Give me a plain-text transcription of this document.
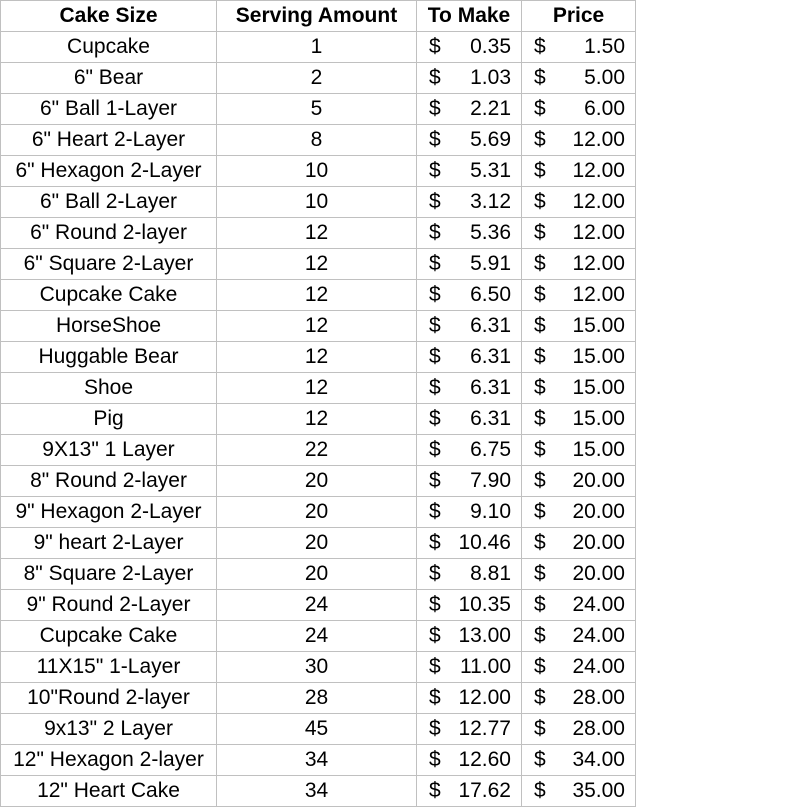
Cake Size	Serving Amount	To Make	Price
Cupcake	1	$ 0.35	$ 1.50

6" Bear	2	$ 1.03	$ 5.00

6" Ball 1-Layer	5	$ 2.21	$ 6.00

6" Heart 2-Layer	8	$ 5.69	$ 12.00

6" Hexagon 2-Layer	10	$ 5.31	$ 12.00

6" Ball 2-Layer	10	$ 3.12	$ 12.00

6" Round 2-layer	12	$ 5.36	$ 12.00

6" Square 2-Layer	12	$ 5.91	$ 12.00

Cupcake Cake	12	$ 6.50	$ 12.00

HorseShoe	12	$ 6.31	$ 15.00

Huggable Bear	12	$ 6.31	$ 15.00

Shoe	12	$ 6.31	$ 15.00

Pig	12	$ 6.31	$ 15.00

9X13" 1 Layer	22	$ 6.75	$ 15.00

8" Round 2-layer	20	$ 7.90	$ 20.00

9" Hexagon 2-Layer	20	$ 9.10	$ 20.00

9" heart 2-Layer	20	$ 10.46	$ 20.00

8" Square 2-Layer	20	$ 8.81	$ 20.00

9" Round 2-Layer	24	$ 10.35	$ 24.00

Cupcake Cake	24	$ 13.00	$ 24.00

11X15" 1-Layer	30	$ 11.00	$ 24.00

10"Round 2-layer	28	$ 12.00	$ 28.00

9x13" 2 Layer	45	$ 12.77	$ 28.00

12" Hexagon 2-layer	34	$ 12.60	$ 34.00

12" Heart Cake	34	$ 17.62	$ 35.00
